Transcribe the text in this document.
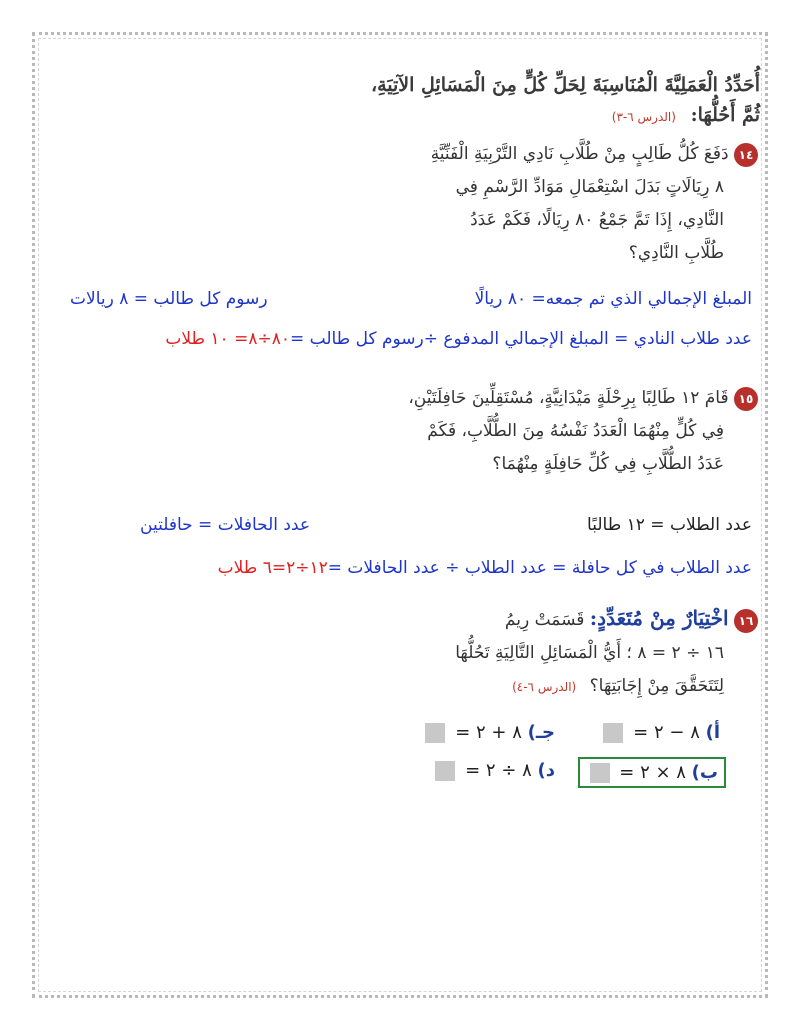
أُحَدِّدُ الْعَمَلِيَّةَ الْمُنَاسِبَةَ لِحَلِّ كُلٍّ مِنَ الْمَسَائِلِ الآتِيَةِ،
ثُمَّ أَحُلُّهَا: (الدرس ٦-٣)
١٤ دَفَعَ كُلُّ طَالِبٍ مِنْ طُلَّابِ نَادِي التَّرْبِيَةِ الْفَنِّيَّةِ
٨ رِيَالَاتٍ بَدَلَ اسْتِعْمَالِ مَوَادِّ الرَّسْمِ فِي
النَّادِي، إِذَا تَمَّ جَمْعُ ٨٠ رِيَالًا، فَكَمْ عَدَدُ
طُلَّابِ النَّادِي؟
المبلغ الإجمالي الذي تم جمعه= ٨٠ ريالًا
رسوم كل طالب = ٨ ريالات
عدد طلاب النادي = المبلغ الإجمالي المدفوع ÷رسوم كل طالب =٨٠÷٨= ١٠ طلاب
١٥ قَامَ ١٢ طَالِبًا بِرِحْلَةٍ مَيْدَانِيَّةٍ، مُسْتَقِلِّينَ حَافِلَتَيْنِ،
فِي كُلٍّ مِنْهُمَا الْعَدَدُ نَفْسُهُ مِنَ الطُّلَّابِ، فَكَمْ
عَدَدُ الطُّلَّابِ فِي كُلِّ حَافِلَةٍ مِنْهُمَا؟
عدد الطلاب = ١٢ طالبًا
عدد الحافلات = حافلتين
عدد الطلاب في كل حافلة = عدد الطلاب ÷ عدد الحافلات =١٢÷٢=٦ طلاب
١٦ اخْتِيَارٌ مِنْ مُتَعَدِّدٍ: قَسَمَتْ رِيمُ
١٦ ÷ ٢ = ٨ ؛ أَيُّ الْمَسَائِلِ التَّالِيَةِ تَحُلُّهَا
لِتَتَحَقَّقَ مِنْ إِجَابَتِهَا؟ (الدرس ٦-٤)
أ) ٨ − ٢ =
جـ) ٨ + ٢ =
ب) ٨ × ٢ =
د) ٨ ÷ ٢ =
